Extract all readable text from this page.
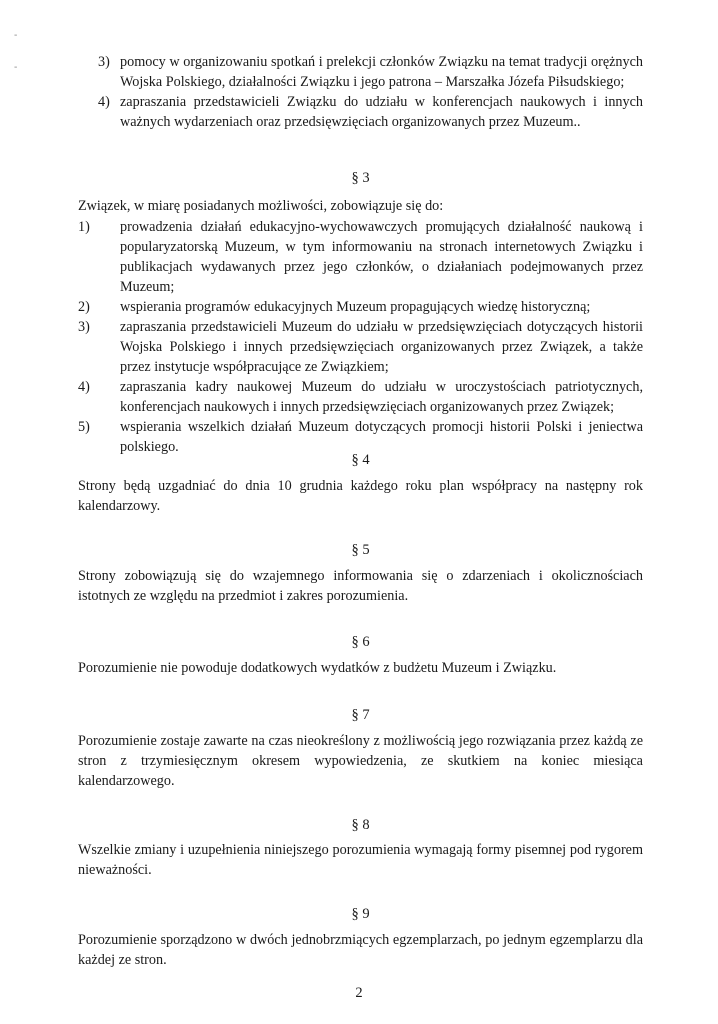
-
-	3) pomocy w organizowaniu spotkań i prelekcji członków Związku na temat tradycji orężnych Wojska Polskiego, działalności Związku i jego patrona – Marszałka Józefa Piłsudskiego;
4) zapraszania przedstawicieli Związku do udziału w konferencjach naukowych i innych ważnych wydarzeniach oraz przedsięwzięciach organizowanych przez Muzeum..
§ 3

Związek, w miarę posiadanych możliwości, zobowiązuje się do:

1) prowadzenia działań edukacyjno-wychowawczych promujących działalność naukową i popularyzatorską Muzeum, w tym informowaniu na stronach internetowych Związku i publikacjach wydawanych przez jego członków, o działaniach podejmowanych przez Muzeum;
2) wspierania programów edukacyjnych Muzeum propagujących wiedzę historyczną;
3) zapraszania przedstawicieli Muzeum do udziału w przedsięwzięciach dotyczących historii Wojska Polskiego i innych przedsięwzięciach organizowanych przez Związek, a także przez instytucje współpracujące ze Związkiem;
4) zapraszania kadry naukowej Muzeum do udziału w uroczystościach patriotycznych, konferencjach naukowych i innych przedsięwzięciach organizowanych przez Związek;
5) wspierania wszelkich działań Muzeum dotyczących promocji historii Polski i jeniectwa polskiego.
§ 4

Strony będą uzgadniać do dnia 10 grudnia każdego roku plan współpracy na następny rok kalendarzowy.

§ 5

Strony zobowiązują się do wzajemnego informowania się o zdarzeniach i okolicznościach istotnych ze względu na przedmiot i zakres porozumienia.

§ 6

Porozumienie nie powoduje dodatkowych wydatków z budżetu Muzeum i Związku.

§ 7

Porozumienie zostaje zawarte na czas nieokreślony z możliwością jego rozwiązania przez każdą ze stron z trzymiesięcznym okresem wypowiedzenia, ze skutkiem na koniec miesiąca kalendarzowego.

§ 8

Wszelkie zmiany i uzupełnienia niniejszego porozumienia wymagają formy pisemnej pod rygorem nieważności.

§ 9

Porozumienie sporządzono w dwóch jednobrzmiących egzemplarzach, po jednym egzemplarzu dla każdej ze stron.

2
